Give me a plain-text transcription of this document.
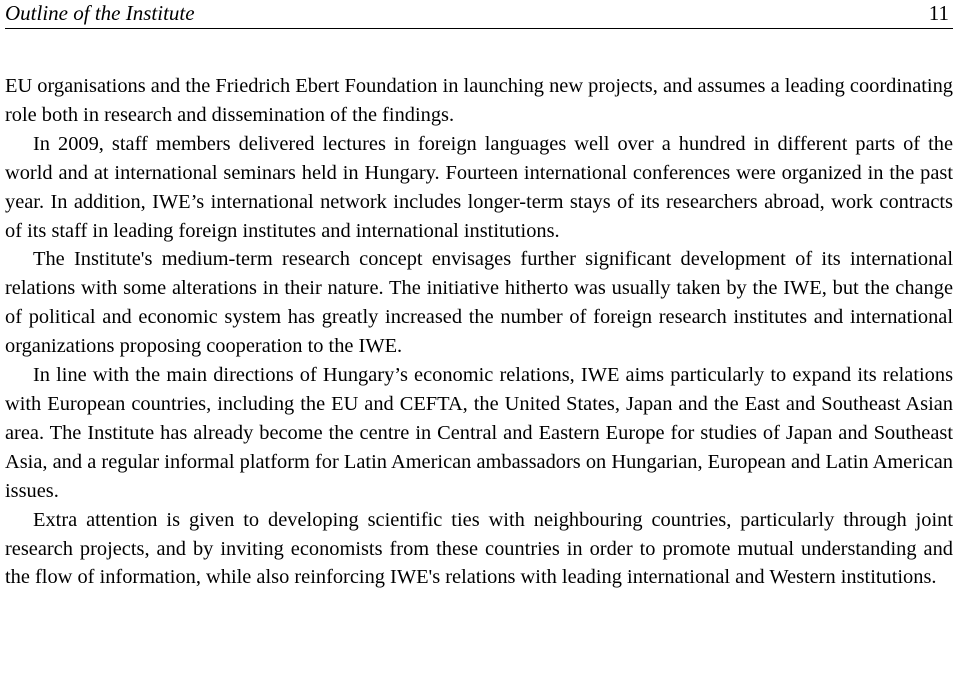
Outline of the Institute	11

EU organisations and the Friedrich Ebert Foundation in launching new projects, and assumes a leading coordinating role both in research and dissemination of the findings.

In 2009, staff members delivered lectures in foreign languages well over a hundred in different parts of the world and at international seminars held in Hungary. Fourteen international conferences were organized in the past year. In addition, IWE’s international network includes longer-term stays of its researchers abroad, work contracts of its staff in leading foreign institutes and international institutions.

The Institute's medium-term research concept envisages further significant development of its international relations with some alterations in their nature. The initiative hitherto was usually taken by the IWE, but the change of political and economic system has greatly increased the number of foreign research institutes and international organizations proposing cooperation to the IWE.

In line with the main directions of Hungary’s economic relations, IWE aims particularly to expand its relations with European countries, including the EU and CEFTA, the United States, Japan and the East and Southeast Asian area. The Institute has already become the centre in Central and Eastern Europe for studies of Japan and Southeast Asia, and a regular informal platform for Latin American ambassadors on Hungarian, European and Latin American issues.

Extra attention is given to developing scientific ties with neighbouring countries, particularly through joint research projects, and by inviting economists from these countries in order to promote mutual understanding and the flow of information, while also reinforcing IWE's relations with leading international and Western institutions.
